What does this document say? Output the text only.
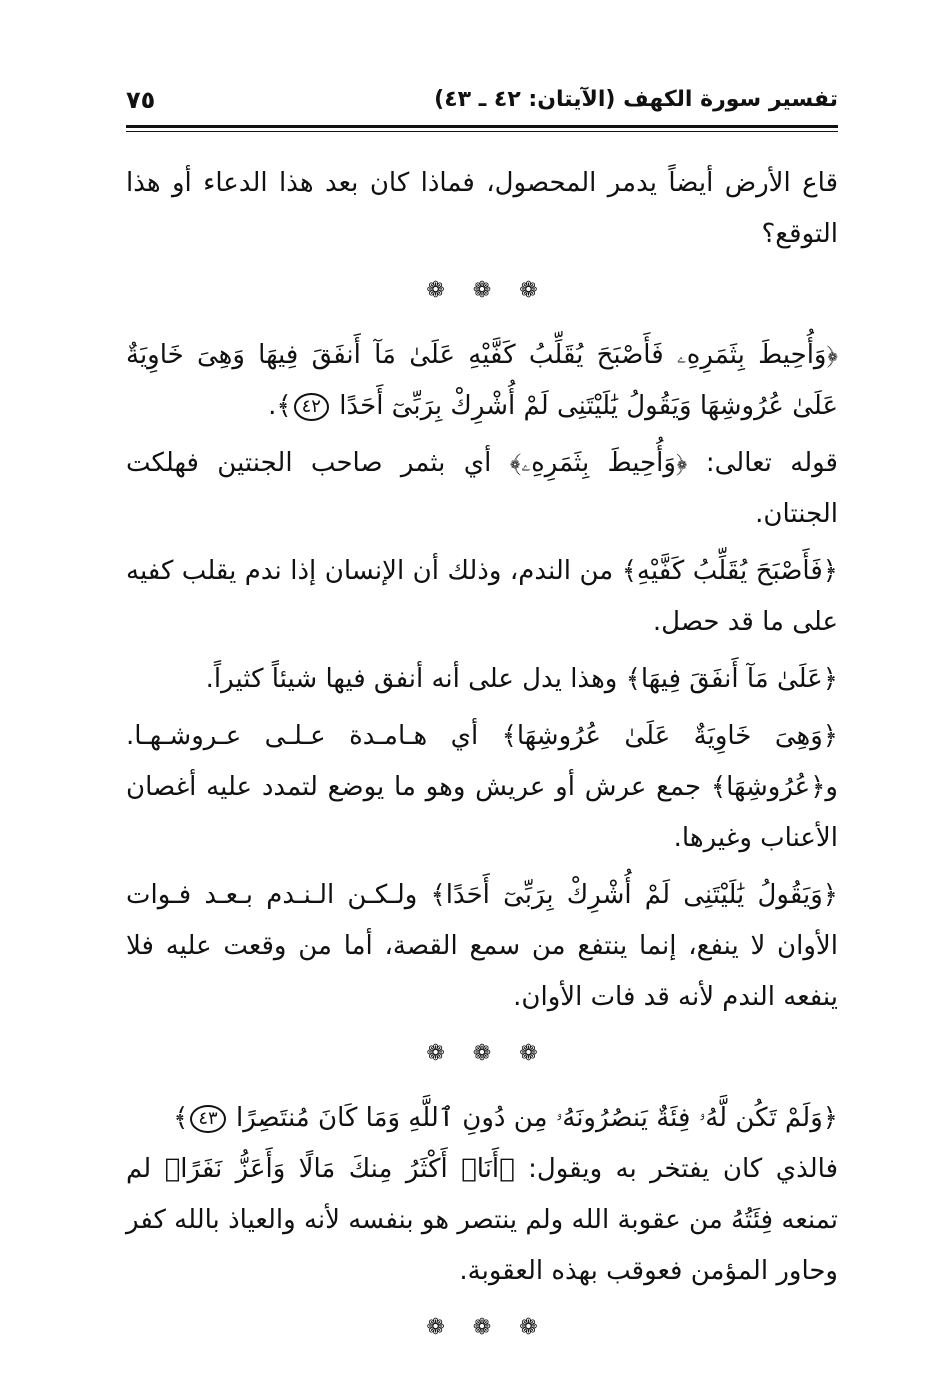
تفسير سورة الكهف (الآيتان: ٤٢ ـ ٤٣)
٧٥

قاع الأرض أيضاً يدمر المحصول، فماذا كان بعد هذا الدعاء أو هذا التوقع؟

❁ ❁ ❁

﴿وَأُحِيطَ بِثَمَرِهِۦ فَأَصْبَحَ يُقَلِّبُ كَفَّيْهِ عَلَىٰ مَآ أَنفَقَ فِيهَا وَهِىَ خَاوِيَةٌ عَلَىٰ عُرُوشِهَا وَيَقُولُ يَٰلَيْتَنِى لَمْ أُشْرِكْ بِرَبِّىٓ أَحَدًا ٤٢﴾.

قوله تعالى: ﴿وَأُحِيطَ بِثَمَرِهِۦ﴾ أي بثمر صاحب الجنتين فهلكت الجنتان.

﴿فَأَصْبَحَ يُقَلِّبُ كَفَّيْهِ﴾ من الندم، وذلك أن الإنسان إذا ندم يقلب كفيه على ما قد حصل.

﴿عَلَىٰ مَآ أَنفَقَ فِيهَا﴾ وهذا يدل على أنه أنفق فيها شيئاً كثيراً.

﴿وَهِىَ خَاوِيَةٌ عَلَىٰ عُرُوشِهَا﴾ أي هـامـدة عـلـى عـروشـهـا. و﴿عُرُوشِهَا﴾ جمع عرش أو عريش وهو ما يوضع لتمدد عليه أغصان الأعناب وغيرها.

﴿وَيَقُولُ يَٰلَيْتَنِى لَمْ أُشْرِكْ بِرَبِّىٓ أَحَدًا﴾ ولـكـن الـنـدم بـعـد فـوات الأوان لا ينفع، إنما ينتفع من سمع القصة، أما من وقعت عليه فلا ينفعه الندم لأنه قد فات الأوان.

❁ ❁ ❁

﴿وَلَمْ تَكُن لَّهُۥ فِئَةٌ يَنصُرُونَهُۥ مِن دُونِ ٱللَّهِ وَمَا كَانَ مُنتَصِرًا ٤٣﴾

فالذي كان يفتخر به ويقول: ﴿أَنَا۠ أَكْثَرُ مِنكَ مَالًا وَأَعَزُّ نَفَرًا﴾ لم تمنعه فِئَتُهُ من عقوبة الله ولم ينتصر هو بنفسه لأنه والعياذ بالله كفر وحاور المؤمن فعوقب بهذه العقوبة.

❁ ❁ ❁
